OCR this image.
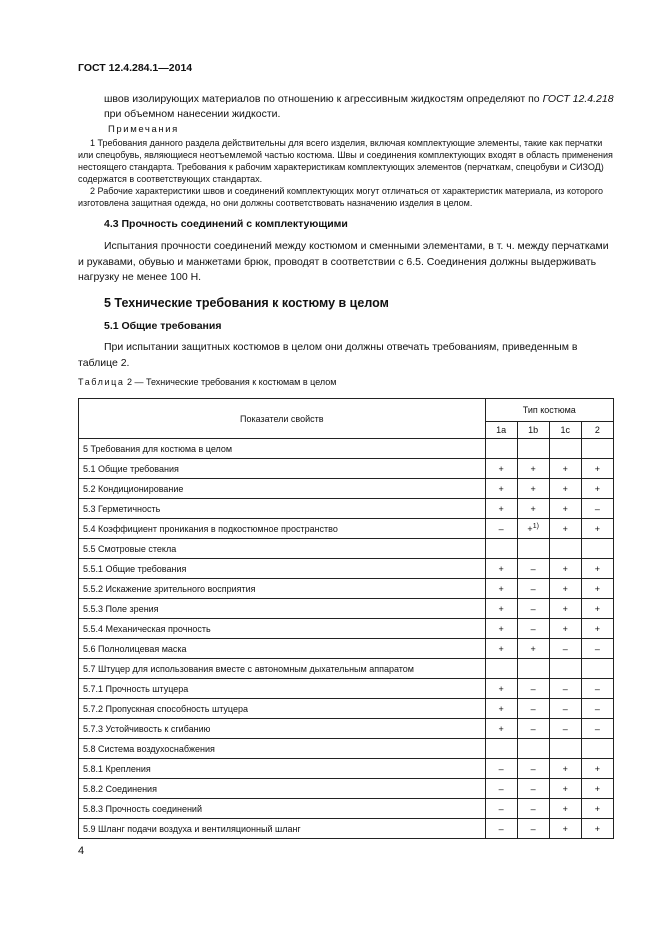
ГОСТ 12.4.284.1—2014
швов изолирующих материалов по отношению к агрессивным жидкостям определяют по ГОСТ 12.4.218 при объемном нанесении жидкости.
Примечания
1 Требования данного раздела действительны для всего изделия, включая комплектующие элементы, такие как перчатки или спецобувь, являющиеся неотъемлемой частью костюма. Швы и соединения комплектующих входят в область применения нестоящего стандарта. Требования к рабочим характеристикам комплектующих элементов (перчаткам, спецобуви и СИЗОД) содержатся в соответствующих стандартах.
2 Рабочие характеристики швов и соединений комплектующих могут отличаться от характеристик материала, из которого изготовлена защитная одежда, но они должны соответствовать назначению изделия в целом.
4.3 Прочность соединений с комплектующими
Испытания прочности соединений между костюмом и сменными элементами, в т. ч. между перчатками и рукавами, обувью и манжетами брюк, проводят в соответствии с 6.5. Соединения должны выдерживать нагрузку не менее 100 Н.
5 Технические требования к костюму в целом
5.1 Общие требования
При испытании защитных костюмов в целом они должны отвечать требованиям, приведенным в таблице 2.
Таблица 2 — Технические требования к костюмам в целом
Показатели свойств	Тип костюма			
	1a	1b	1c	2
5 Требования для костюма в целом				
5.1 Общие требования	+	+	+	+
5.2 Кондиционирование	+	+	+	+
5.3 Герметичность	+	+	+	–
5.4 Коэффициент проникания в подкостюмное пространство	–	+$^{1)}$	+	+
5.5 Смотровые стекла				
5.5.1 Общие требования	+	–	+	+
5.5.2 Искажение зрительного восприятия	+	–	+	+
5.5.3 Поле зрения	+	–	+	+
5.5.4 Механическая прочность	+	–	+	+
5.6 Полнолицевая маска	+	+	–	–
5.7 Штуцер для использования вместе с автономным дыхательным аппаратом				
5.7.1 Прочность штуцера	+	–	–	–
5.7.2 Пропускная способность штуцера	+	–	–	–
5.7.3 Устойчивость к сгибанию	+	–	–	–
5.8 Система воздухоснабжения				
5.8.1 Крепления	–	–	+	+
5.8.2 Соединения	–	–	+	+
5.8.3 Прочность соединений	–	–	+	+
5.9 Шланг подачи воздуха и вентиляционный шланг	–	–	+	+
4
